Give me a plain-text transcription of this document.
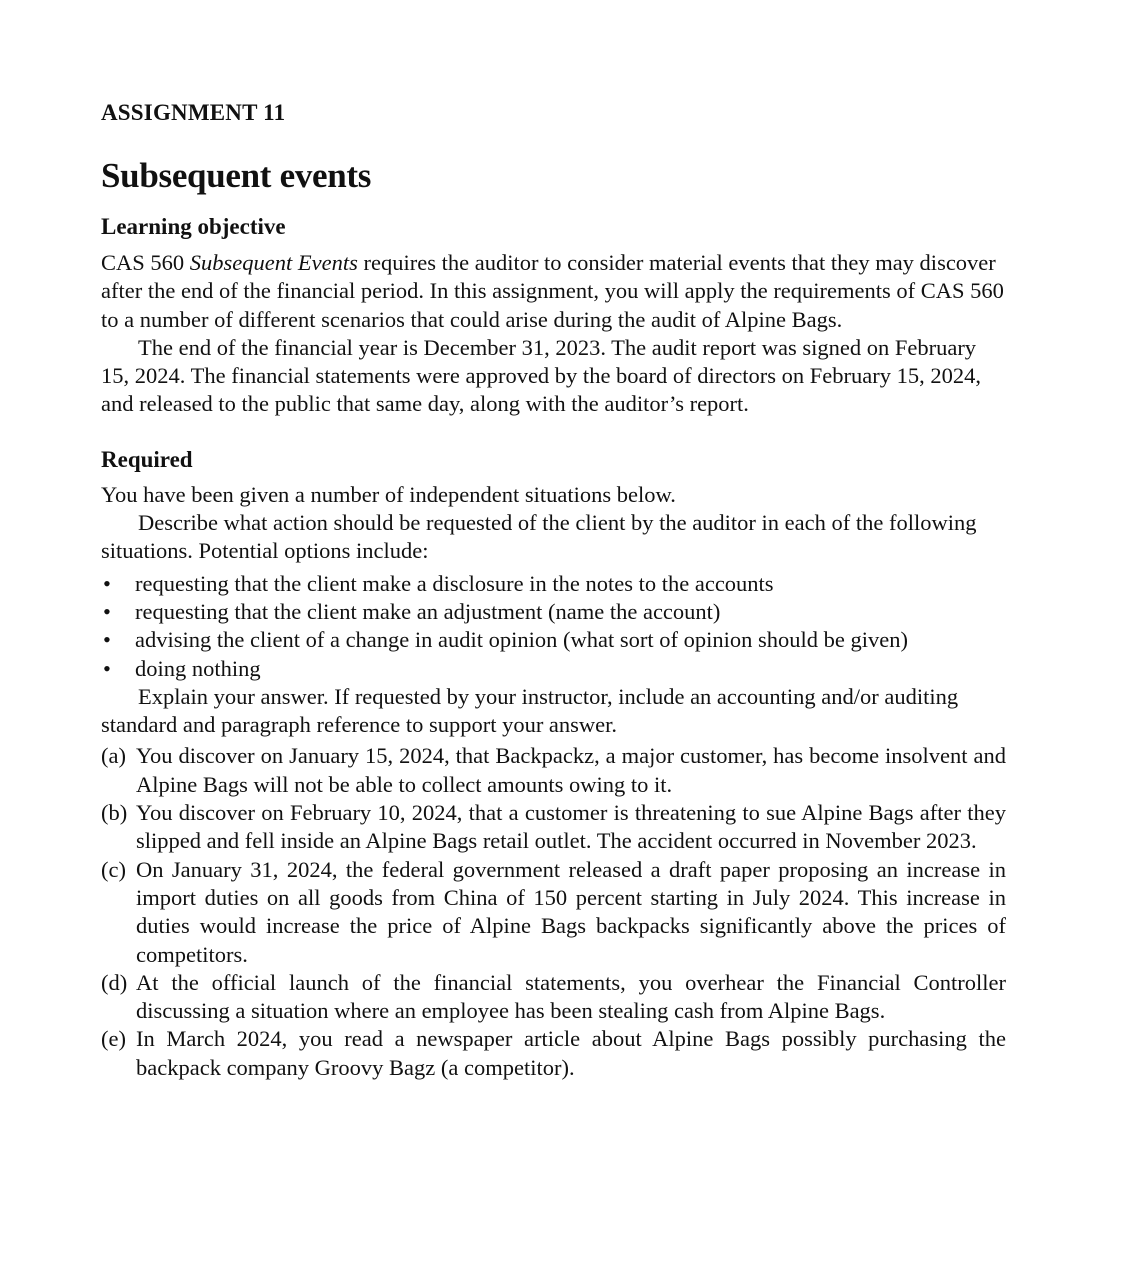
ASSIGNMENT 11
Subsequent events
Learning objective

CAS 560 Subsequent Events requires the auditor to consider material events that they may discover after the end of the financial period. In this assignment, you will apply the requirements of CAS 560 to a number of different scenarios that could arise during the audit of Alpine Bags.

The end of the financial year is December 31, 2023. The audit report was signed on February 15, 2024. The financial statements were approved by the board of directors on February 15, 2024, and released to the public that same day, along with the auditor’s report.

Required

You have been given a number of independent situations below.

Describe what action should be requested of the client by the auditor in each of the following situations. Potential options include:

• requesting that the client make a disclosure in the notes to the accounts
• requesting that the client make an adjustment (name the account)
• advising the client of a change in audit opinion (what sort of opinion should be given)
• doing nothing

Explain your answer. If requested by your instructor, include an accounting and/or auditing standard and paragraph reference to support your answer.

(a) You discover on January 15, 2024, that Backpackz, a major customer, has become insolvent and Alpine Bags will not be able to collect amounts owing to it.
(b) You discover on February 10, 2024, that a customer is threatening to sue Alpine Bags after they slipped and fell inside an Alpine Bags retail outlet. The accident occurred in November 2023.
(c) On January 31, 2024, the federal government released a draft paper proposing an increase in import duties on all goods from China of 150 percent starting in July 2024. This increase in duties would increase the price of Alpine Bags backpacks significantly above the prices of competitors.
(d) At the official launch of the financial statements, you overhear the Financial Controller discussing a situation where an employee has been stealing cash from Alpine Bags.
(e) In March 2024, you read a newspaper article about Alpine Bags possibly purchasing the backpack company Groovy Bagz (a competitor).
